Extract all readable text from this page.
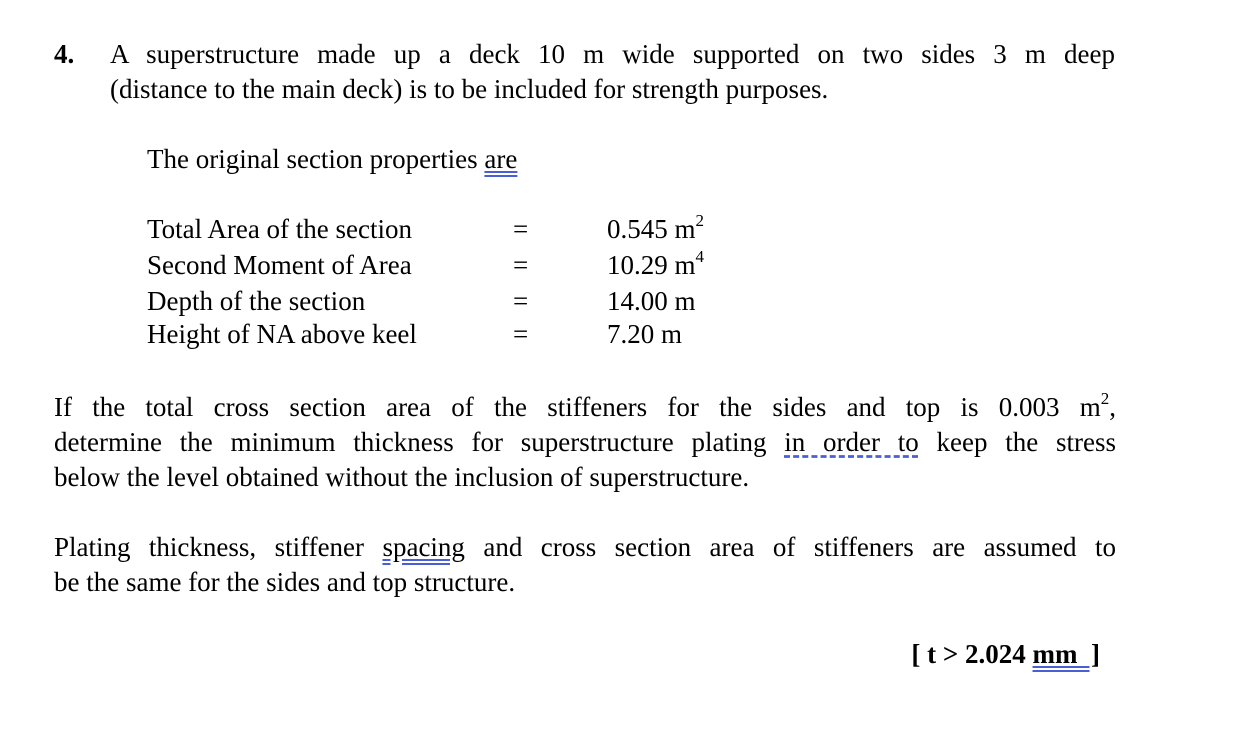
4. A superstructure made up a deck 10 m wide supported on two sides 3 m deep
(distance to the main deck) is to be included for strength purposes.
The original section properties are
Total Area of the section	=	0.545 $m^2$
Second Moment of Area	=	10.29 $m^4$
Depth of the section	=	14.00 m
Height of NA above keel	=	7.20 m
If the total cross section area of the stiffeners for the sides and top is 0.003 $m^2$,
determine the minimum thickness for superstructure plating in order to keep the stress
below the level obtained without the inclusion of superstructure.
Plating thickness, stiffener spacing and cross section area of stiffeners are assumed to
be the same for the sides and top structure.
[ t > 2.024 mm  ]
